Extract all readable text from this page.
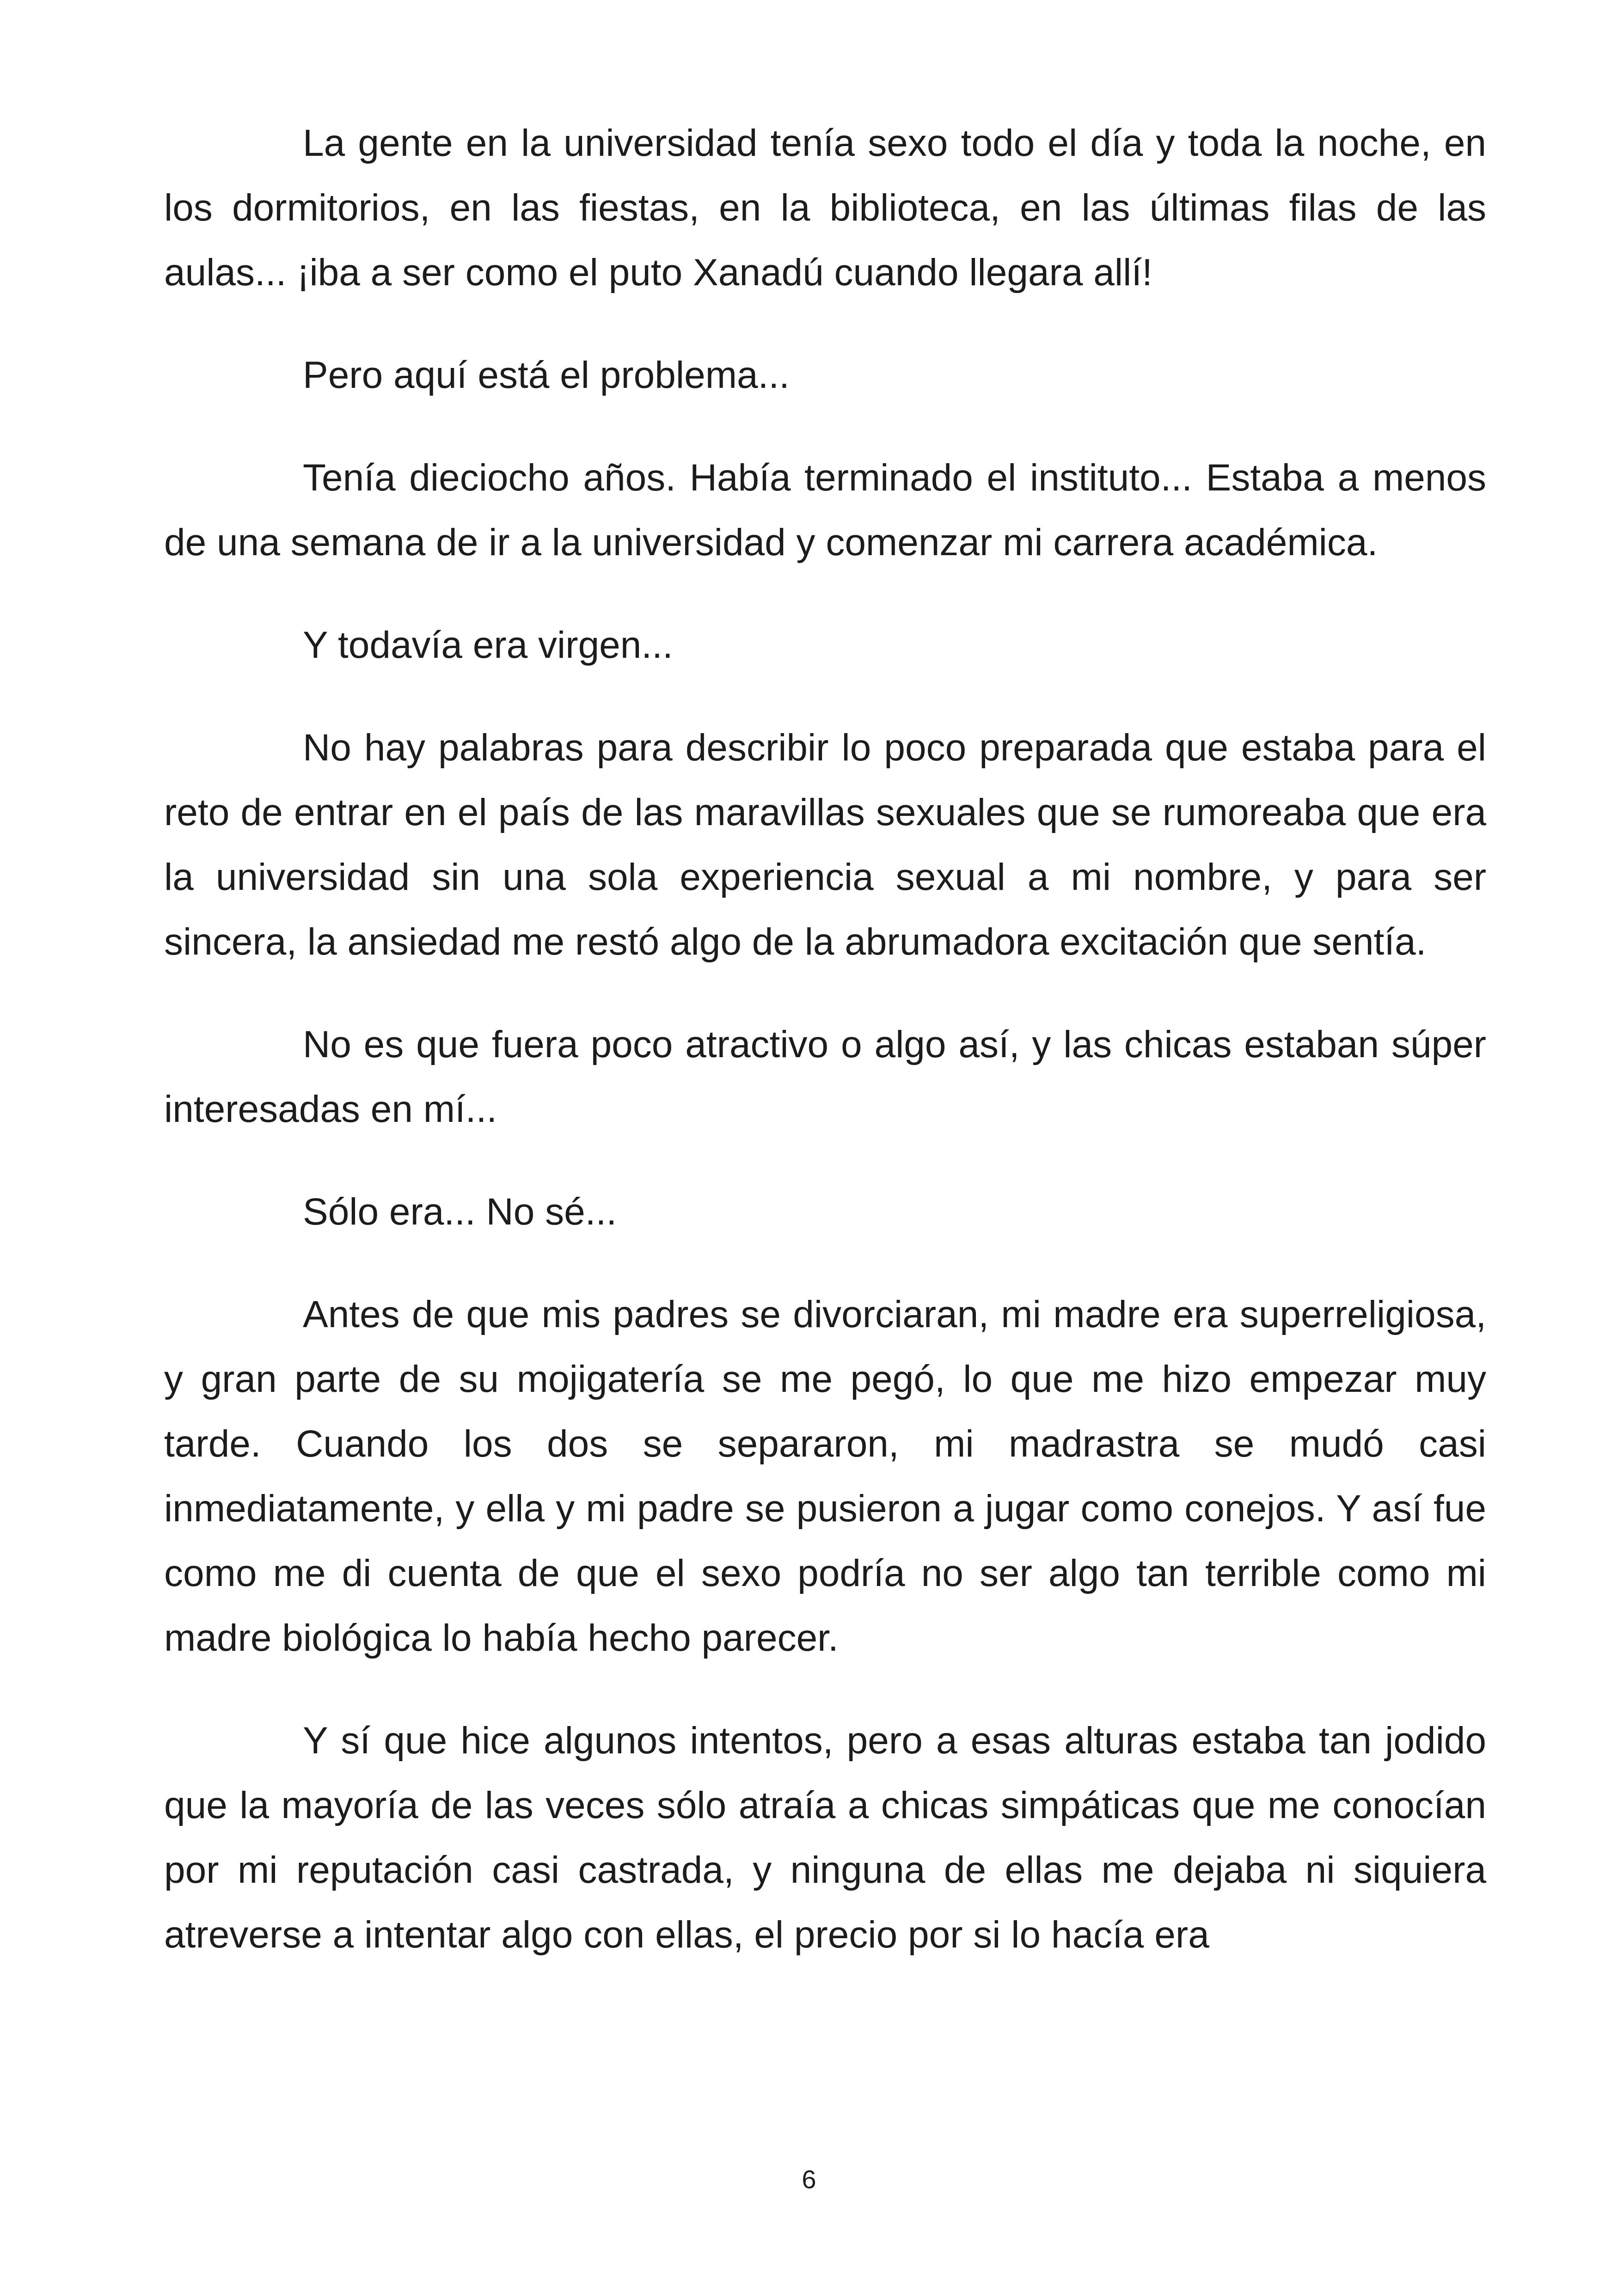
La gente en la universidad tenía sexo todo el día y toda la noche, en los dormitorios, en las fiestas, en la biblioteca, en las últimas filas de las aulas... ¡iba a ser como el puto Xanadú cuando llegara allí!

Pero aquí está el problema...

Tenía dieciocho años. Había terminado el instituto... Estaba a menos de una semana de ir a la universidad y comenzar mi carrera académica.

Y todavía era virgen...

No hay palabras para describir lo poco preparada que estaba para el reto de entrar en el país de las maravillas sexuales que se rumoreaba que era la universidad sin una sola experiencia sexual a mi nombre, y para ser sincera, la ansiedad me restó algo de la abrumadora excitación que sentía.

No es que fuera poco atractivo o algo así, y las chicas estaban súper interesadas en mí...

Sólo era... No sé...

Antes de que mis padres se divorciaran, mi madre era superreligiosa, y gran parte de su mojigatería se me pegó, lo que me hizo empezar muy tarde. Cuando los dos se separaron, mi madrastra se mudó casi inmediatamente, y ella y mi padre se pusieron a jugar como conejos. Y así fue como me di cuenta de que el sexo podría no ser algo tan terrible como mi madre biológica lo había hecho parecer.

Y sí que hice algunos intentos, pero a esas alturas estaba tan jodido que la mayoría de las veces sólo atraía a chicas simpáticas que me conocían por mi reputación casi castrada, y ninguna de ellas me dejaba ni siquiera atreverse a intentar algo con ellas, el precio por si lo hacía era

6
